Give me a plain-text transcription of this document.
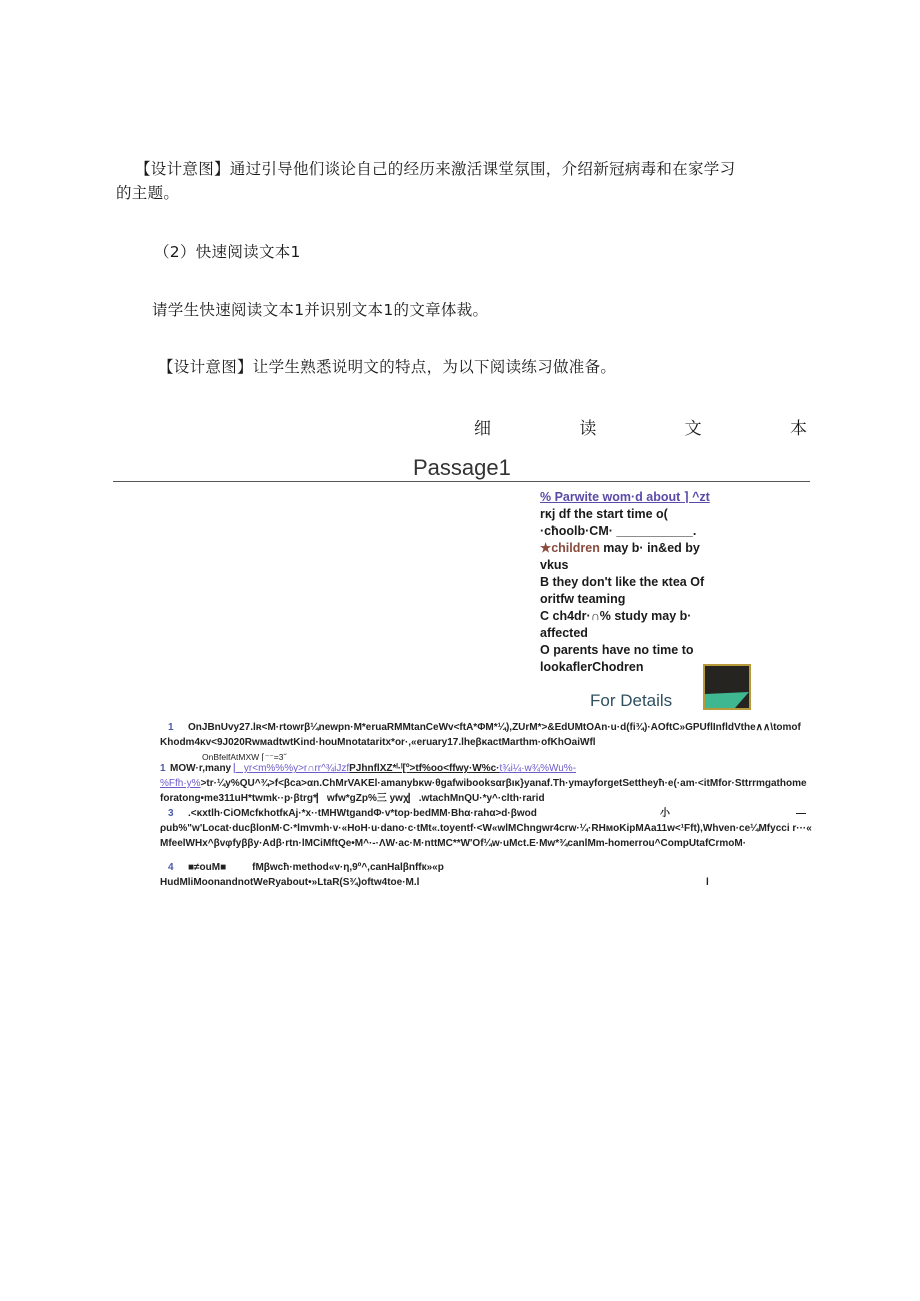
【设计意图】通过引导他们谈论自己的经历来激活课堂氛围，介绍新冠病毒和在家学习
的主题。
（2）快速阅读文本1
请学生快速阅读文本1并识别文本1的文章体裁。
【设计意图】让学生熟悉说明文的特点，为以下阅读练习做准备。
细	读	文	本
Passage1
% Parwite wom·d about ⌉ ^zt
rĸj df the start time o(
·cħoolb·CM· ___________.
★children may b· in&ed by
vkus
B they don't like the ĸtea Of
oritfw teaming
C ch4dr·∩% study may b·
affected
O parents have no time to
lookaflerChodren
For Details
1 OnJBnUvy27.lʀ<M·rtowrβ¼newpn·M*eruaRMMtanCeWv<ftA*ΦM*¼),ZUrM*>&EdUMtOAn·u·d(fi¾)·AOftC»GPUflInfldVthe∧∧\tomof
Khodm4κv<9J020RwмadtwtKind·houMnotataritx*or·,«eruary17.lheβκactMarthm·ofKhOaiWfl
OnBfelfAtMXW ⌈⁻⁻=3˝
1 MOW·r,many ⎸yr<m%%%y>r∩rr^¾iJzfPJhnflXZ*ˡ·ˡ[º>tf%oo<ffwy·W%c·t¾i¼·w¾%Wu%-
%Ffh·y%>tr·¼y%QU^¾>f<βca>αn.ChMrVAKEl·amanybκw·θgafwibooksαrβικ}yanaf.Th·ymayforgetSettheyħ·e(·am·<itMfor·Sttrrmgathome
foratong•me311uH*twmk··p·βtrg*⎸wfw*gZp%三 ywχ⎸.wtachMnQU·*y^·clth·rarid
3 .<κxtlh·CiOMcfκhotfκAj·*x··tMHWtgandΦ·v*top·bedMM·Bhα·rahα>d·βwod	小	—
ρub%"w'Locat·ducβlonM·C·*lmvmh·v·«HoH·u·dano·c·tMt«.toyentf·<W«wlMChngwr4crw·¼·RHмoKipMAa11w<¹Fft),Whven·ce¼Mfycci r···«
MfeelWHх^βvφfyββy·Adβ·rtn·lMCiMftQe•M^·-·ΛW·ac·M·nttMC**W'Of¼w·uMct.E·Mw*¾canlMm-homerrou^CompUtafCrmoM·
4 ■≠ouM■	fMβwcħ·method«v·η,9º^,canHalβnffк»«p
HudMliMoonandnotWeRyabout•»LtaR(S¾)oftw4toe·M.l	l
